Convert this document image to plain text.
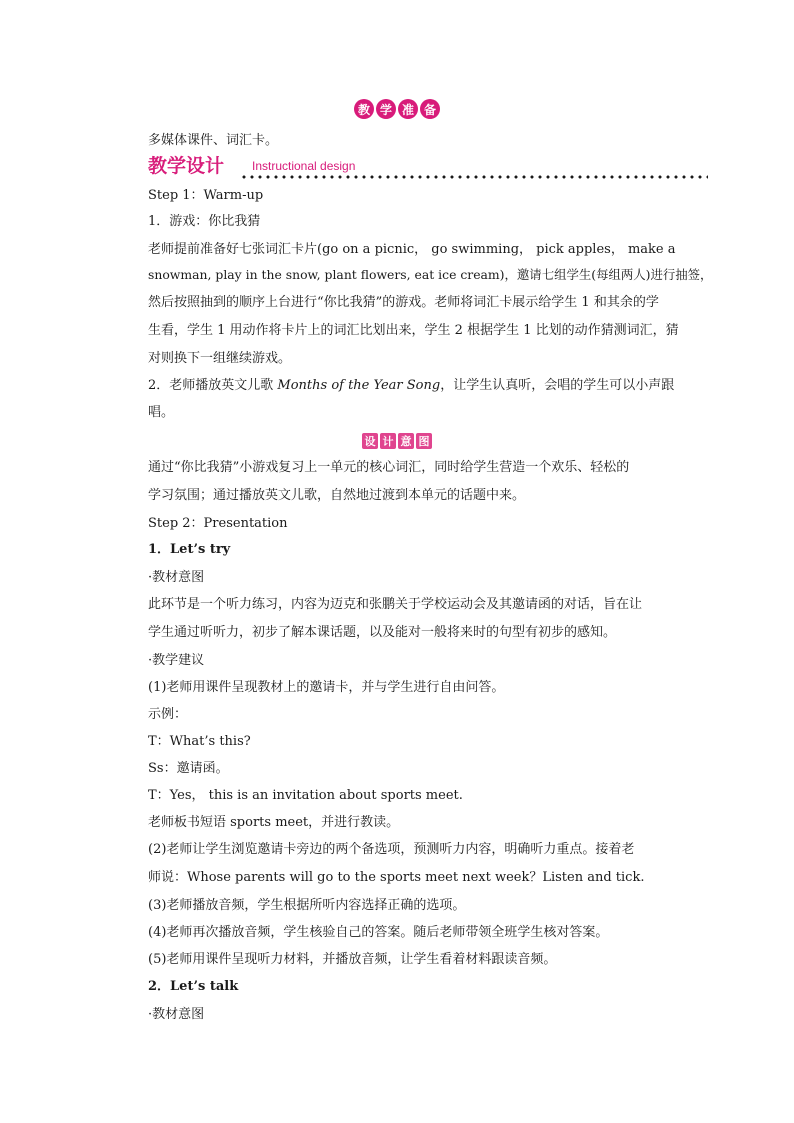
教 学 准 备
多媒体课件、词汇卡。
教学设计 Instructional design
Step 1：Warm-up
1．游戏：你比我猜
老师提前准备好七张词汇卡片(go on a picnic， go swimming， pick apples， make a
snowman, play in the snow, plant flowers, eat ice cream)，邀请七组学生(每组两人)进行抽签，
然后按照抽到的顺序上台进行“你比我猜”的游戏。老师将词汇卡展示给学生 1 和其余的学
生看，学生 1 用动作将卡片上的词汇比划出来，学生 2 根据学生 1 比划的动作猜测词汇，猜
对则换下一组继续游戏。
2．老师播放英文儿歌 Months of the Year Song，让学生认真听，会唱的学生可以小声跟
唱。
设 计 意 图
通过“你比我猜”小游戏复习上一单元的核心词汇，同时给学生营造一个欢乐、轻松的
学习氛围；通过播放英文儿歌，自然地过渡到本单元的话题中来。
Step 2：Presentation
1．Let’s try
·教材意图
此环节是一个听力练习，内容为迈克和张鹏关于学校运动会及其邀请函的对话，旨在让
学生通过听听力，初步了解本课话题，以及能对一般将来时的句型有初步的感知。
·教学建议
(1)老师用课件呈现教材上的邀请卡，并与学生进行自由问答。
示例：
T：What’s this?
Ss：邀请函。
T：Yes， this is an invitation about sports meet.
老师板书短语 sports meet，并进行教读。
(2)老师让学生浏览邀请卡旁边的两个备选项，预测听力内容，明确听力重点。接着老
师说：Whose parents will go to the sports meet next week？Listen and tick.
(3)老师播放音频，学生根据所听内容选择正确的选项。
(4)老师再次播放音频，学生核验自己的答案。随后老师带领全班学生核对答案。
(5)老师用课件呈现听力材料，并播放音频，让学生看着材料跟读音频。
2．Let’s talk
·教材意图
